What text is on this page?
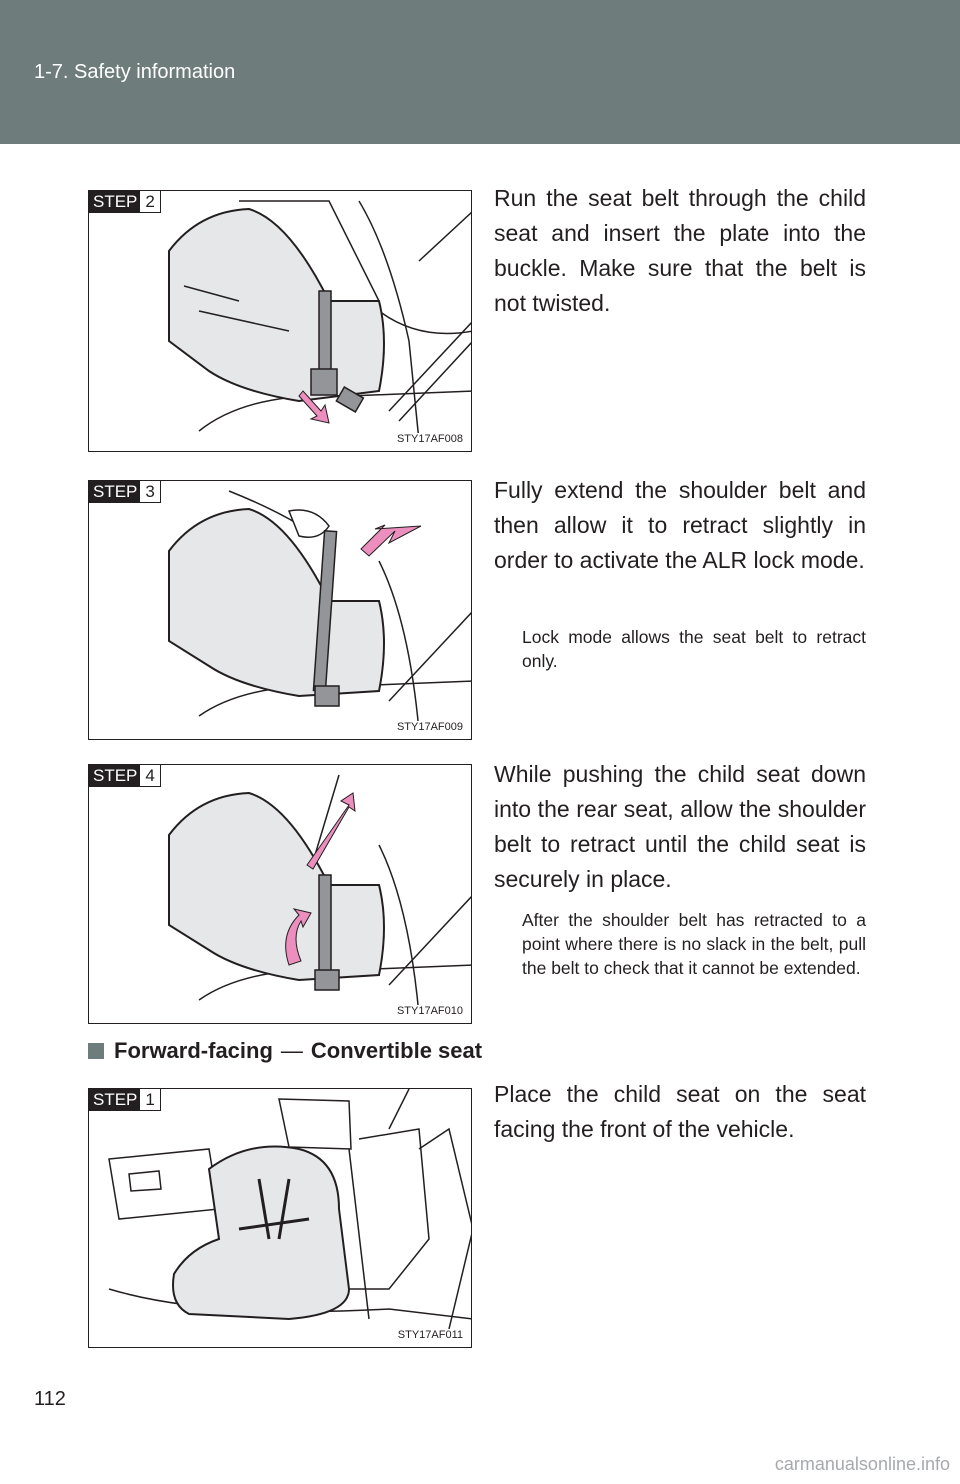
1-7. Safety information
STEP 2
STY17AF008
Run the seat belt through the child seat and insert the plate into the buckle. Make sure that the belt is not twisted.
STEP 3
STY17AF009
Fully extend the shoulder belt and then allow it to retract slightly in order to activate the ALR lock mode.
Lock mode allows the seat belt to retract only.
STEP 4
STY17AF010
While pushing the child seat down into the rear seat, allow the shoulder belt to retract until the child seat is securely in place.
After the shoulder belt has retracted to a point where there is no slack in the belt, pull the belt to check that it cannot be extended.
Forward-facing — Convertible seat
STEP 1
STY17AF011
Place the child seat on the seat facing the front of the vehicle.
112
carmanualsonline.info
